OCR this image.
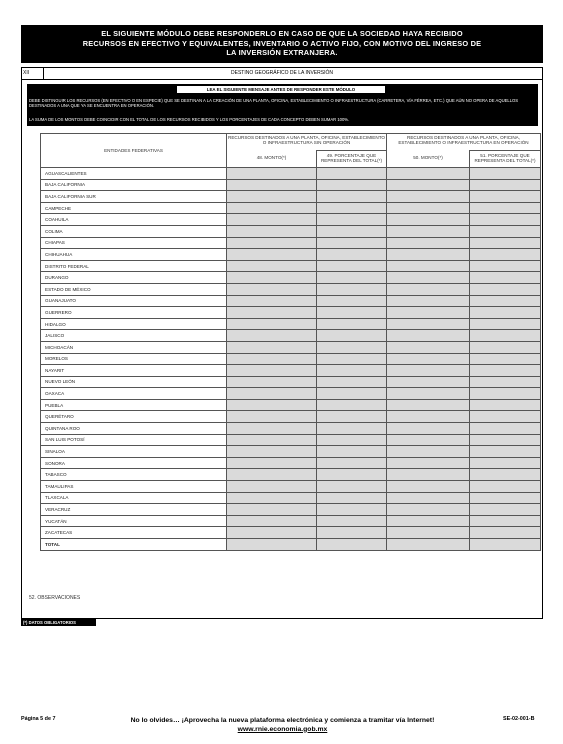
EL SIGUIENTE MÓDULO DEBE RESPONDERLO EN CASO DE QUE LA SOCIEDAD HAYA RECIBIDO
RECURSOS EN EFECTIVO Y EQUIVALENTES, INVENTARIO O ACTIVO FIJO, CON MOTIVO DEL INGRESO DE
LA INVERSIÓN EXTRANJERA.
XII	DESTINO GEOGRÁFICO DE LA INVERSIÓN
LEA EL SIGUIENTE MENSAJE ANTES DE RESPONDER ESTE MÓDULO
DEBE DISTINGUIR LOS RECURSOS (EN EFECTIVO O EN ESPECIE) QUE SE DESTINAN A LA CREACIÓN DE UNA PLANTA, OFICINA, ESTABLECIMIENTO O INFRAESTRUCTURA (CARRETERA, VÍA FÉRREA, ETC.) QUE AÚN NO OPERA DE AQUELLOS DESTINADOS A UNA QUE YA SE ENCUENTRA EN OPERACIÓN.
LA SUMA DE LOS MONTOS DEBE COINCIDIR CON EL TOTAL DE LOS RECURSOS RECIBIDOS Y LOS PORCENTAJES DE CADA CONCEPTO DEBEN SUMAR 100%.
ENTIDADES FEDERATIVAS	RECURSOS DESTINADOS A UNA PLANTA, OFICINA, ESTABLECIMIENTO O INFRAESTRUCTURA SIN OPERACIÓN		RECURSOS DESTINADOS A UNA PLANTA, OFICINA, ESTABLECIMIENTO O INFRAESTRUCTURA EN OPERACIÓN	
	48. MONTO(*)	49. PORCENTAJE QUE REPRESENTA DEL TOTAL(*)	50. MONTO(*)	51. PORCENTAJE QUE REPRESENTA DEL TOTAL(*)
AGUASCALIENTES				
BAJA CALIFORNIA				
BAJA CALIFORNIA SUR				
CAMPECHE				
COAHUILA				
COLIMA				
CHIAPAS				
CHIHUAHUA				
DISTRITO FEDERAL				
DURANGO				
ESTADO DE MÉXICO				
GUANAJUATO				
GUERRERO				
HIDALGO				
JALISCO				
MICHOACÁN				
MORELOS				
NAYARIT				
NUEVO LEÓN				
OAXACA				
PUEBLA				
QUERÉTARO				
QUINTANA ROO				
SAN LUIS POTOSÍ				
SINALOA				
SONORA				
TABASCO				
TAMAULIPAS				
TLAXCALA				
VERACRUZ				
YUCATÁN				
ZACATECAS				
TOTAL				
52. OBSERVACIONES
(*) DATOS OBLIGATORIOS
Página 5 de 7	No lo olvides… ¡Aprovecha la nueva plataforma electrónica y comienza a tramitar vía Internet!
www.rnie.economia.gob.mx
SE-02-001-B
